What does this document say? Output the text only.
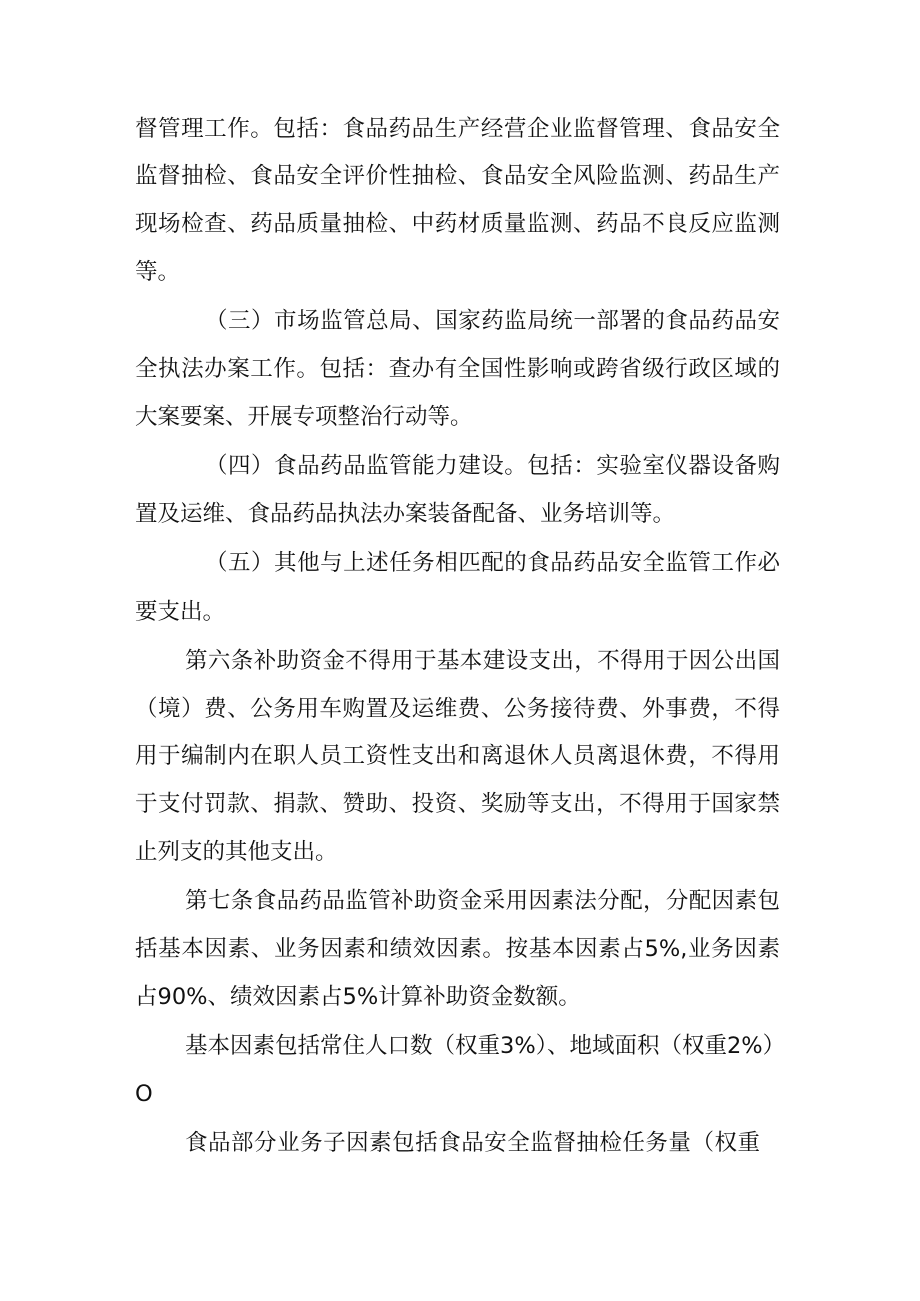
督管理工作。包括：食品药品生产经营企业监督管理、食品安全
监督抽检、食品安全评价性抽检、食品安全风险监测、药品生产
现场检查、药品质量抽检、中药材质量监测、药品不良反应监测
等。
（三）市场监管总局、国家药监局统一部署的食品药品安
全执法办案工作。包括：查办有全国性影响或跨省级行政区域的
大案要案、开展专项整治行动等。
（四）食品药品监管能力建设。包括：实验室仪器设备购
置及运维、食品药品执法办案装备配备、业务培训等。
（五）其他与上述任务相匹配的食品药品安全监管工作必
要支出。
第六条补助资金不得用于基本建设支出，不得用于因公出国
（境）费、公务用车购置及运维费、公务接待费、外事费，不得
用于编制内在职人员工资性支出和离退休人员离退休费，不得用
于支付罚款、捐款、赞助、投资、奖励等支出，不得用于国家禁
止列支的其他支出。
第七条食品药品监管补助资金采用因素法分配，分配因素包
括基本因素、业务因素和绩效因素。按基本因素占5%,业务因素
占90%、绩效因素占5%计算补助资金数额。
基本因素包括常住人口数（权重3%）、地域面积（权重2%）
O
食品部分业务子因素包括食品安全监督抽检任务量（权重
